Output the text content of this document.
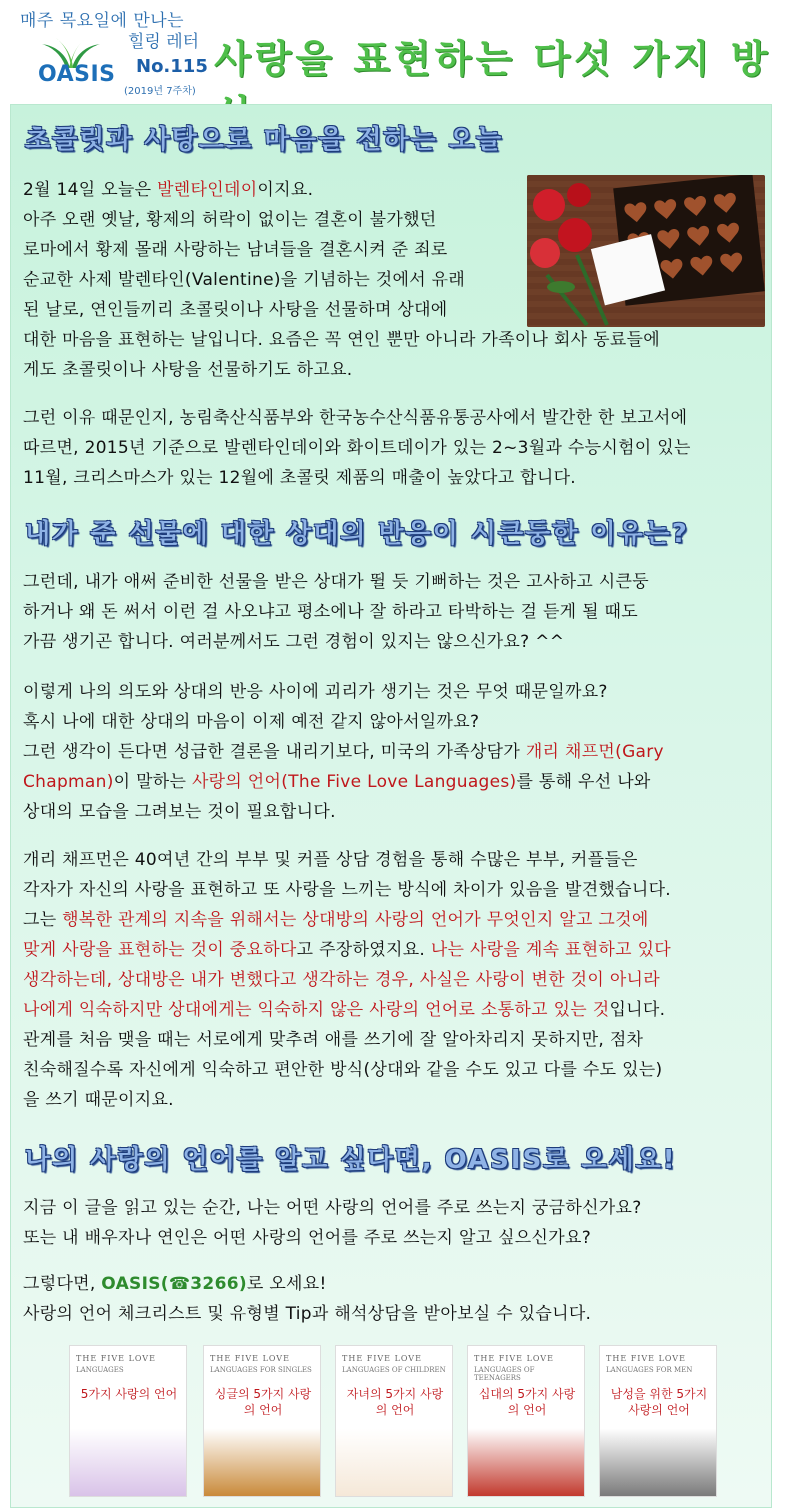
매주 목요일에 만나는
힐링 레터
OASIS No.115
(2019년 7주차)
사랑을 표현하는 다섯 가지 방
초콜릿과 사탕으로 마음을 전하는 오늘
2월 14일 오늘은 발렌타인데이이지요.
아주 오랜 옛날, 황제의 허락이 없이는 결혼이 불가했던
로마에서 황제 몰래 사랑하는 남녀들을 결혼시켜 준 죄로
순교한 사제 발렌타인(Valentine)을 기념하는 것에서 유래
된 날로, 연인들끼리 초콜릿이나 사탕을 선물하며 상대에
대한 마음을 표현하는 날입니다. 요즘은 꼭 연인 뿐만 아니라 가족이나 회사 동료들에
게도 초콜릿이나 사탕을 선물하기도 하고요.
그런 이유 때문인지, 농림축산식품부와 한국농수산식품유통공사에서 발간한 한 보고서에
따르면, 2015년 기준으로 발렌타인데이와 화이트데이가 있는 2~3월과 수능시험이 있는
11월, 크리스마스가 있는 12월에 초콜릿 제품의 매출이 높았다고 합니다.
내가 준 선물에 대한 상대의 반응이 시큰둥한 이유는?
그런데, 내가 애써 준비한 선물을 받은 상대가 뛸 듯 기뻐하는 것은 고사하고 시큰둥
하거나 왜 돈 써서 이런 걸 사오냐고 평소에나 잘 하라고 타박하는 걸 듣게 될 때도
가끔 생기곤 합니다. 여러분께서도 그런 경험이 있지는 않으신가요? ^^
이렇게 나의 의도와 상대의 반응 사이에 괴리가 생기는 것은 무엇 때문일까요?
혹시 나에 대한 상대의 마음이 이제 예전 같지 않아서일까요?
그런 생각이 든다면 성급한 결론을 내리기보다, 미국의 가족상담가 개리 채프먼(Gary
Chapman)이 말하는 사랑의 언어(The Five Love Languages)를 통해 우선 나와
상대의 모습을 그려보는 것이 필요합니다.
개리 채프먼은 40여년 간의 부부 및 커플 상담 경험을 통해 수많은 부부, 커플들은
각자가 자신의 사랑을 표현하고 또 사랑을 느끼는 방식에 차이가 있음을 발견했습니다.
그는 행복한 관계의 지속을 위해서는 상대방의 사랑의 언어가 무엇인지 알고 그것에
맞게 사랑을 표현하는 것이 중요하다고 주장하였지요. 나는 사랑을 계속 표현하고 있다
생각하는데, 상대방은 내가 변했다고 생각하는 경우, 사실은 사랑이 변한 것이 아니라
나에게 익숙하지만 상대에게는 익숙하지 않은 사랑의 언어로 소통하고 있는 것입니다.
관계를 처음 맺을 때는 서로에게 맞추려 애를 쓰기에 잘 알아차리지 못하지만, 점차
친숙해질수록 자신에게 익숙하고 편안한 방식(상대와 같을 수도 있고 다를 수도 있는)
을 쓰기 때문이지요.
나의 사랑의 언어를 알고 싶다면, OASIS로 오세요!
지금 이 글을 읽고 있는 순간, 나는 어떤 사랑의 언어를 주로 쓰는지 궁금하신가요?
또는 내 배우자나 연인은 어떤 사랑의 언어를 주로 쓰는지 알고 싶으신가요?
그렇다면, OASIS(☎3266)로 오세요!
사랑의 언어 체크리스트 및 유형별 Tip과 해석상담을 받아보실 수 있습니다.
THE FIVE LOVE
LANGUAGES
5가지 사랑의 언어
THE FIVE LOVE
LANGUAGES FOR SINGLES
싱글의 5가지 사랑의 언어
THE FIVE LOVE
LANGUAGES OF CHILDREN
자녀의 5가지 사랑의 언어
THE FIVE LOVE
LANGUAGES OF TEENAGERS
십대의 5가지 사랑의 언어
THE FIVE LOVE
LANGUAGES FOR MEN
남성을 위한 5가지 사랑의 언어
